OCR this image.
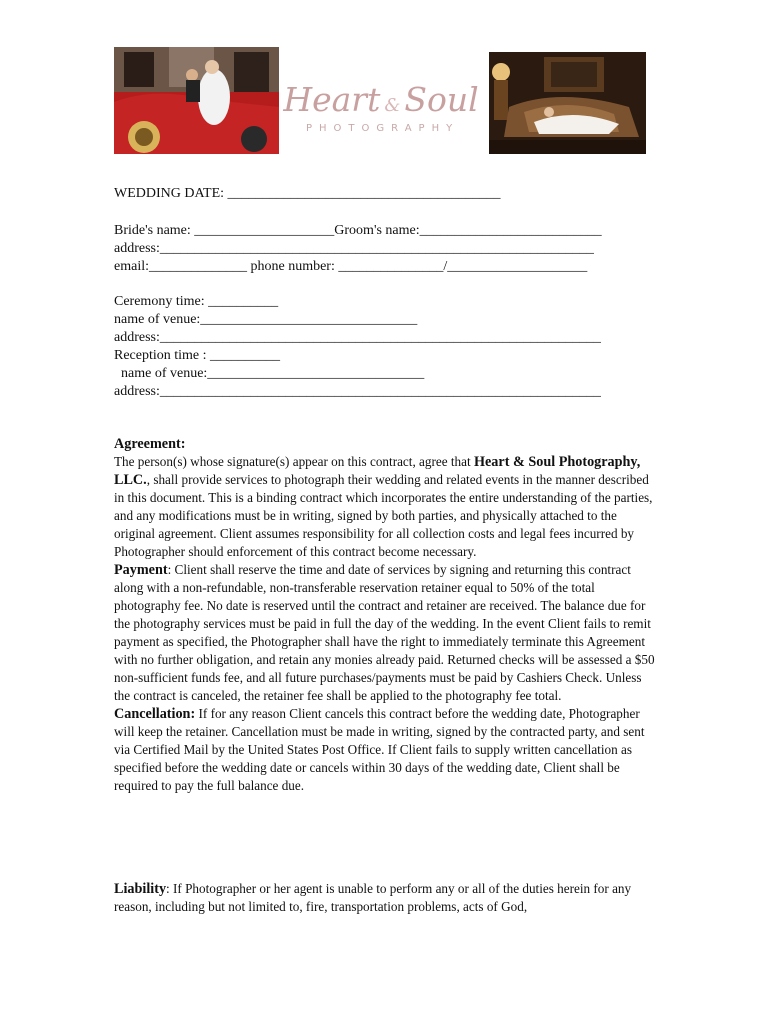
Heart & Soul
PHOTOGRAPHY
WEDDING DATE: _______________________________________
Bride's name: ____________________Groom's name:__________________________
address:______________________________________________________________
email:______________ phone number: _______________/____________________
Ceremony time: __________
name of venue:_______________________________
address:_______________________________________________________________
Reception time : __________
name of venue:_______________________________
address:_______________________________________________________________

Agreement:

The person(s) whose signature(s) appear on this contract, agree that Heart & Soul Photography, LLC., shall provide services to photograph their wedding and related events in the manner described in this document. This is a binding contract which incorporates the entire understanding of the parties, and any modifications must be in writing, signed by both parties, and physically attached to the original agreement. Client assumes responsibility for all collection costs and legal fees incurred by Photographer should enforcement of this contract become necessary.

Payment: Client shall reserve the time and date of services by signing and returning this contract along with a non-refundable, non-transferable reservation retainer equal to 50% of the total photography fee. No date is reserved until the contract and retainer are received. The balance due for the photography services must be paid in full the day of the wedding. In the event Client fails to remit payment as specified, the Photographer shall have the right to immediately terminate this Agreement with no further obligation, and retain any monies already paid. Returned checks will be assessed a $50 non-sufficient funds fee, and all future purchases/payments must be paid by Cashiers Check. Unless the contract is canceled, the retainer fee shall be applied to the photography fee total.

Cancellation: If for any reason Client cancels this contract before the wedding date, Photographer will keep the retainer. Cancellation must be made in writing, signed by the contracted party, and sent via Certified Mail by the United States Post Office. If Client fails to supply written cancellation as specified before the wedding date or cancels within 30 days of the wedding date, Client shall be required to pay the full balance due.

Liability: If Photographer or her agent is unable to perform any or all of the duties herein for any reason, including but not limited to, fire, transportation problems, acts of God,
